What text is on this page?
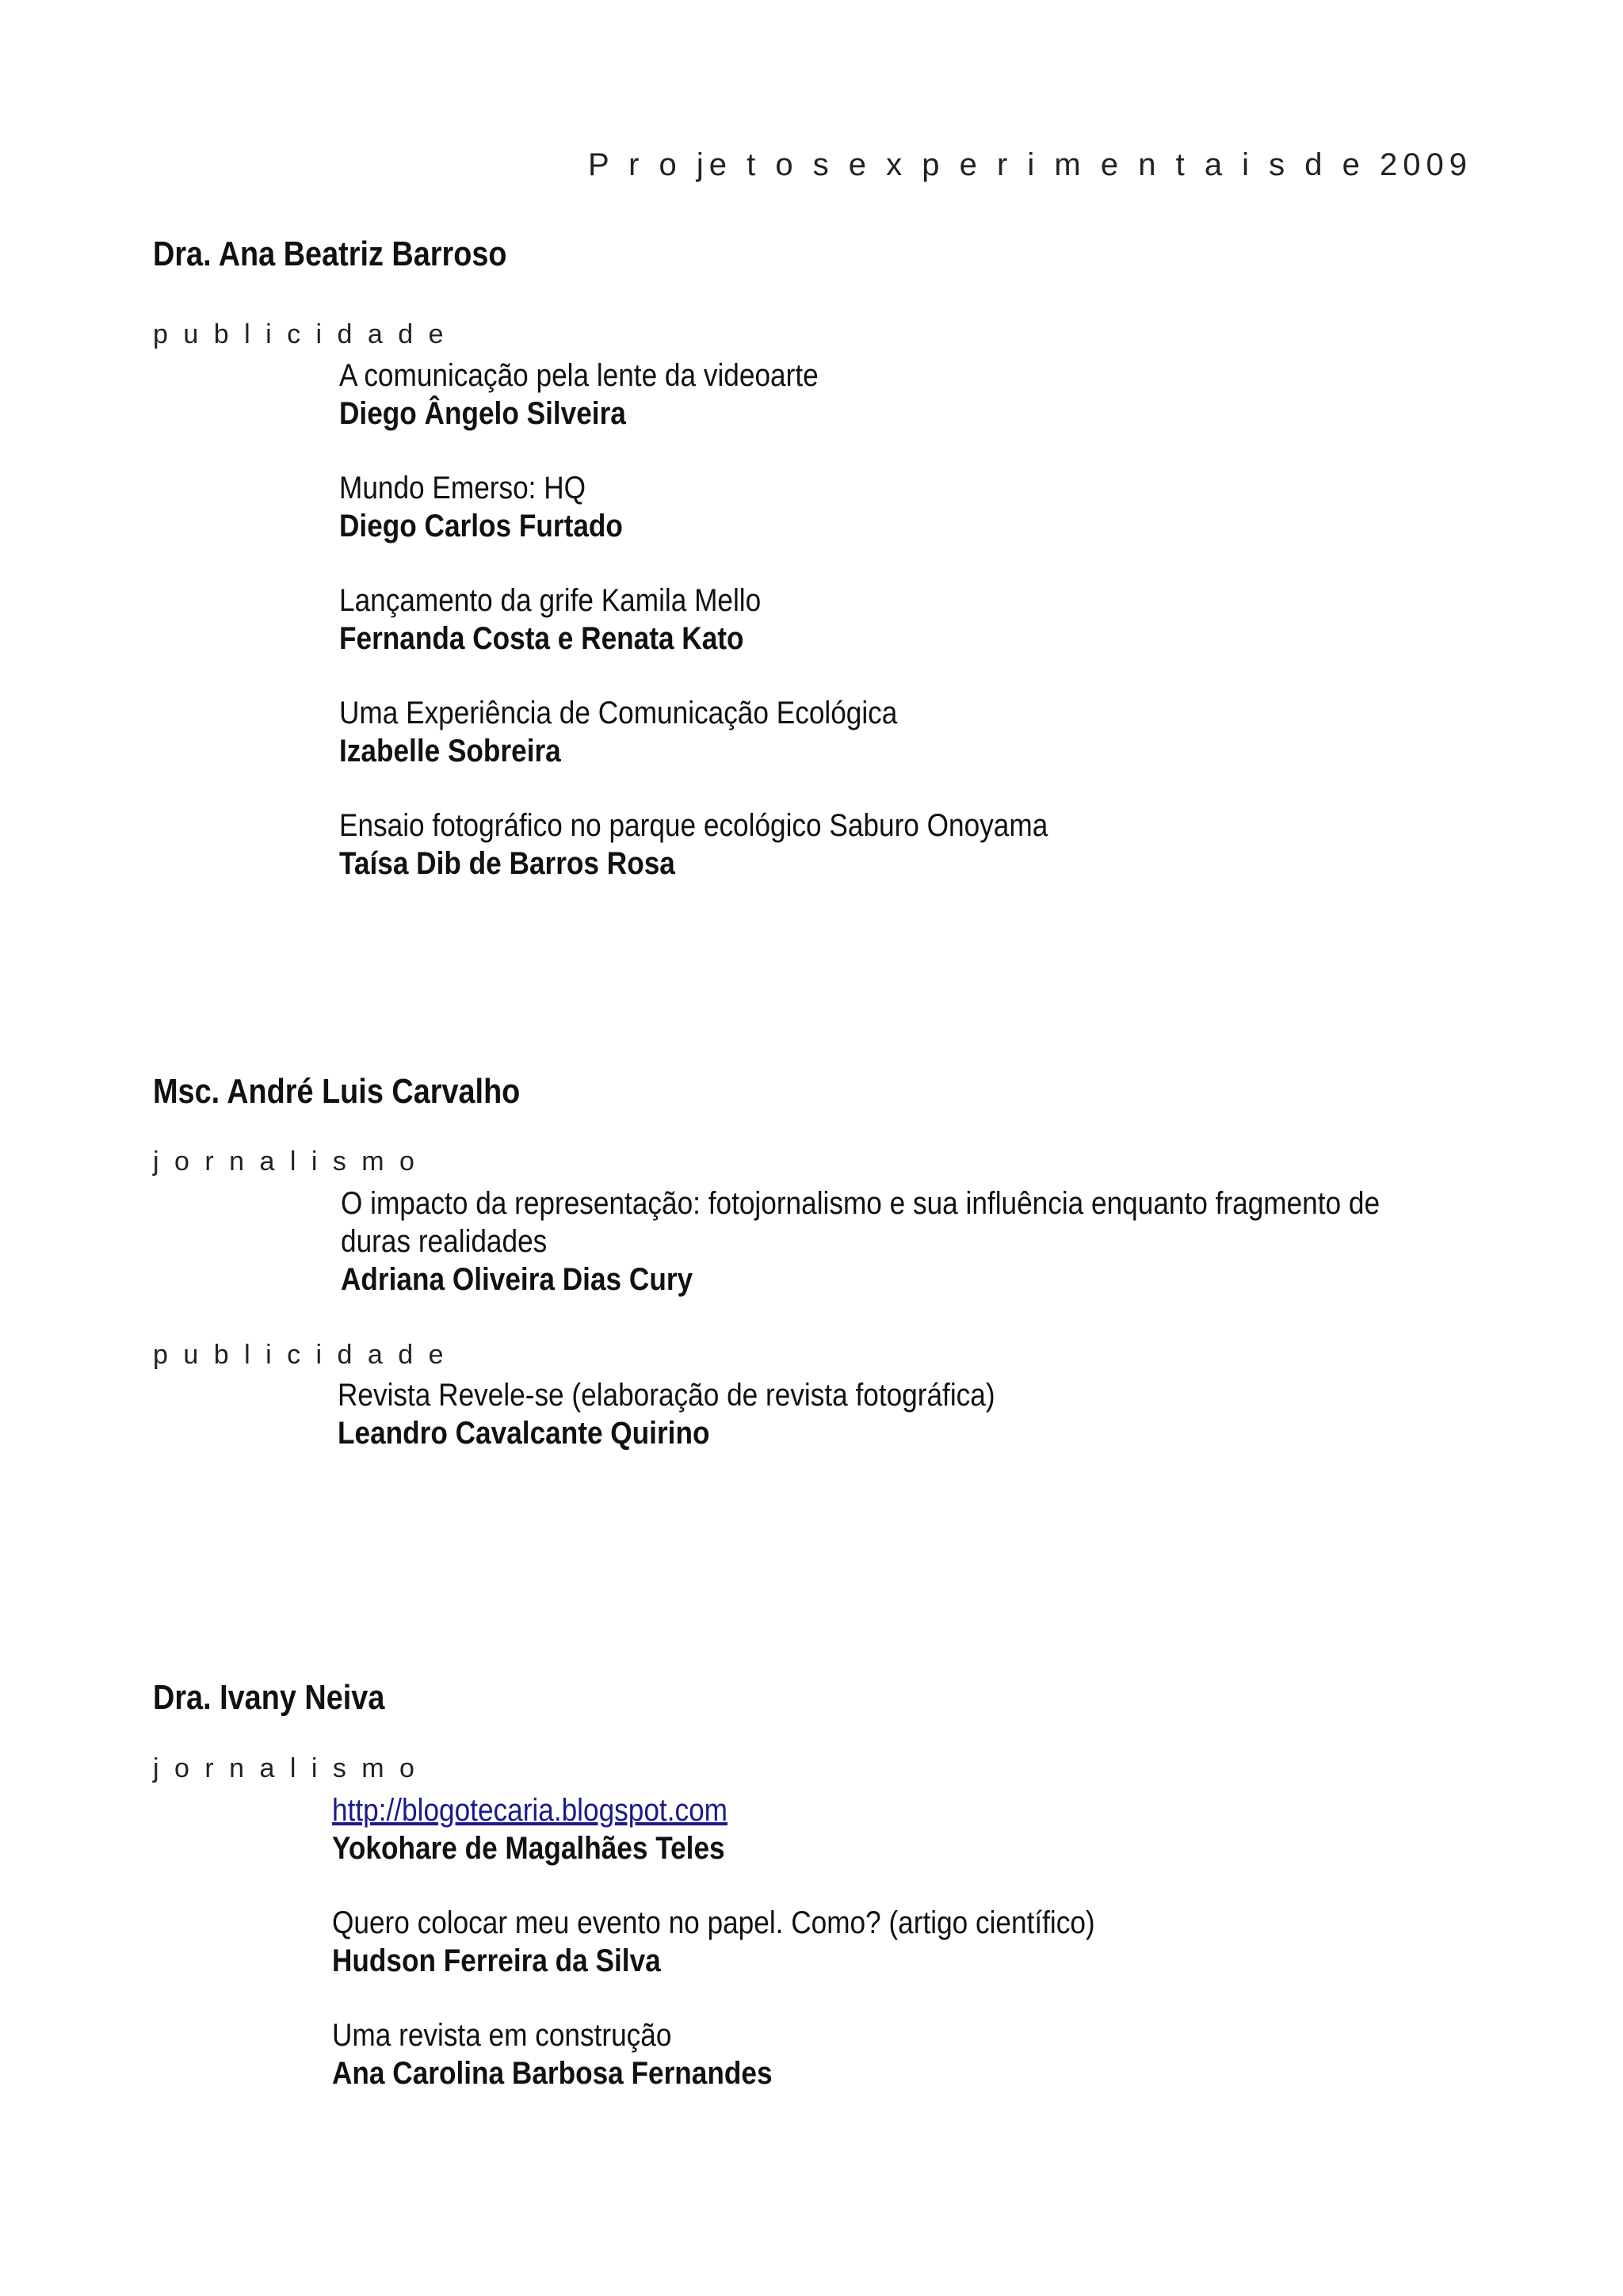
P r o je t o s e x p e r i m e n t a i s d e 2009
Dra. Ana Beatriz Barroso
p u b l i c i d a d e
A comunicação pela lente da videoarte
Diego Ângelo Silveira
Mundo Emerso: HQ
Diego Carlos Furtado
Lançamento da grife Kamila Mello
Fernanda Costa e Renata Kato
Uma Experiência de Comunicação Ecológica
Izabelle Sobreira
Ensaio fotográfico no parque ecológico Saburo Onoyama
Taísa Dib de Barros Rosa
Msc. André Luis Carvalho
j o r n a l i s m o
O impacto da representação: fotojornalismo e sua influência enquanto fragmento de duras realidades
Adriana Oliveira Dias Cury
p u b l i c i d a d e
Revista Revele-se (elaboração de revista fotográfica)
Leandro Cavalcante Quirino
Dra. Ivany Neiva
j o r n a l i s m o
http://blogotecaria.blogspot.com
Yokohare de Magalhães Teles
Quero colocar meu evento no papel. Como? (artigo científico)
Hudson Ferreira da Silva
Uma revista em construção
Ana Carolina Barbosa Fernandes
